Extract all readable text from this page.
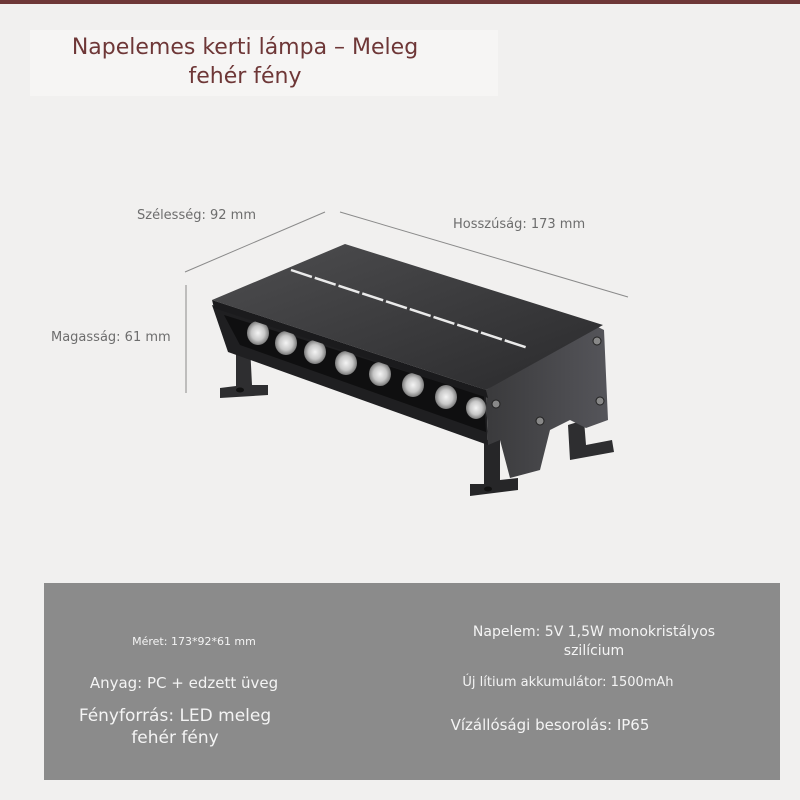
Napelemes kerti lámpa – Meleg fehér fény
Szélesség: 92 mm
Hosszúság: 173 mm
Magasság: 61 mm
Méret: 173*92*61 mm
Anyag: PC + edzett üveg
Fényforrás: LED meleg fehér fény
Napelem: 5V 1,5W monokristályos szilícium
Új lítium akkumulátor: 1500mAh
Vízállósági besorolás: IP65
